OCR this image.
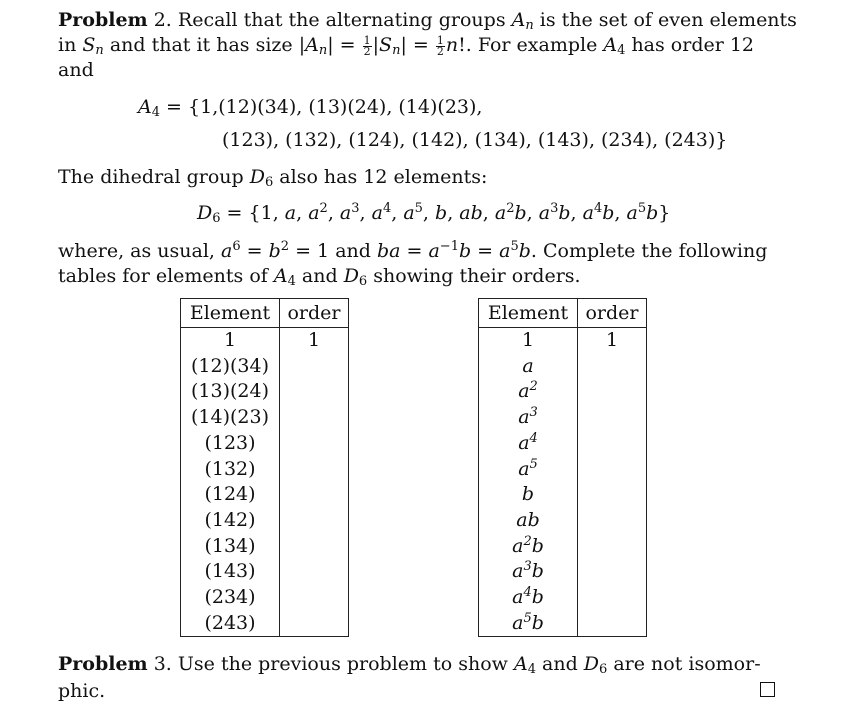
Problem 2. Recall that the alternating groups $A_n$ is the set of even elements
in $S_n$ and that it has size $|A_n| = \frac{1}{2} |S_n| = \frac{1}{2} n$!. For example $A_4$ has order 12
and
$A_4 = \{1,(12)(34)$, (13)(24), (14)(23),
(123), (132), (124), (142), (134), (143), (234), (243)}
The dihedral group $D_6$ also has 12 elements:
$D_6 = \{1$, a, $a^2$, $a^3$, $a^4$, $a^5$, b, ab, $a^2b$, $a^3b$, $a^4b$, $a^5b$}
where, as usual, $a^6 = b^2 = 1$ and ba = $a^{-1}b = a^5b$. Complete the following
tables for elements of $A_4$ and $D_6$ showing their orders.
Element	order
1	1
(12)(34)	
(13)(24)	
(14)(23)	
(123)	
(132)	
(124)	
(142)	
(134)	
(143)	
(234)	
(243)	
Element	order
1	1
a	
$a^2$	
$a^3$	
$a^4$	
$a^5$	
b	
ab	
$a^2b$	
$a^3b$	
$a^4b$	
$a^5b$	
Problem 3. Use the previous problem to show $A_4$ and $D_6$ are not isomor-
phic.
